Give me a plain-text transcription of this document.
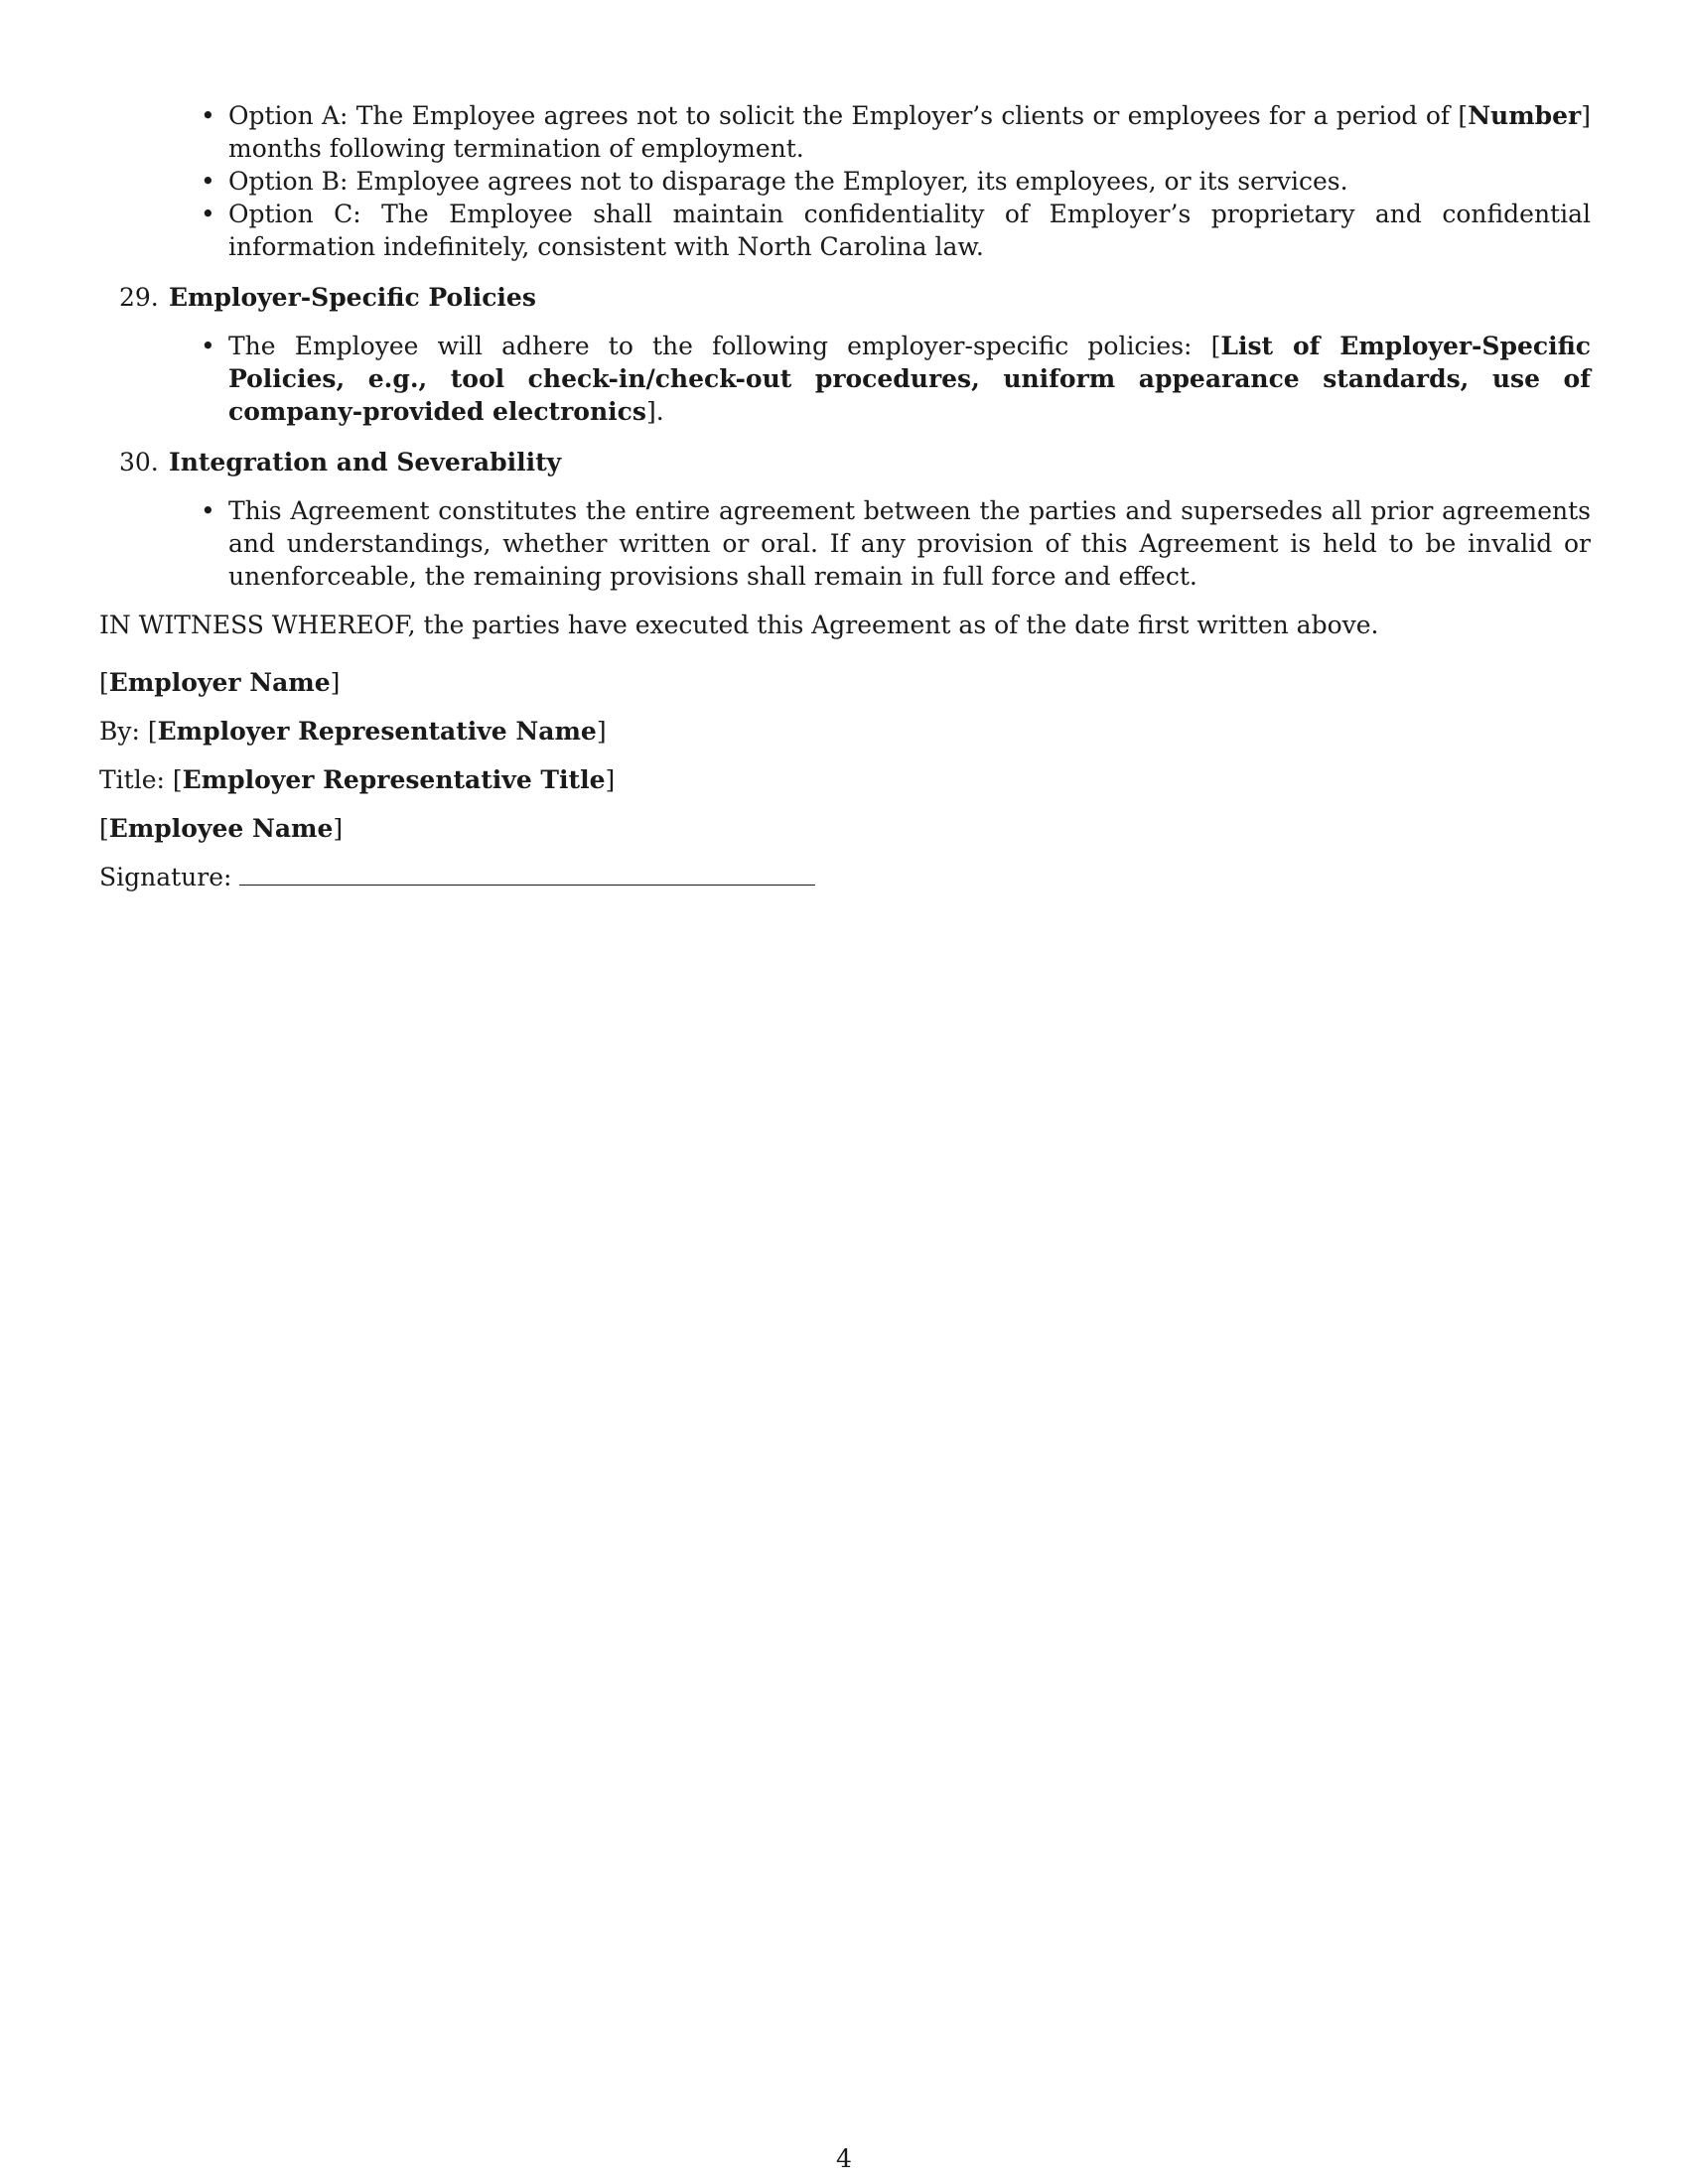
• Option A: The Employee agrees not to solicit the Employer’s clients or employees for a period of [Number] months following termination of employment.
• Option B: Employee agrees not to disparage the Employer, its employees, or its services.
• Option C: The Employee shall maintain confidentiality of Employer’s proprietary and confidential information indefinitely, consistent with North Carolina law.
29. Employer-Specific Policies
• The Employee will adhere to the following employer-specific policies: [List of Employer-Specific Policies, e.g., tool check-in/check-out procedures, uniform appearance standards, use of company-provided electronics].
30. Integration and Severability
• This Agreement constitutes the entire agreement between the parties and supersedes all prior agreements and understandings, whether written or oral. If any provision of this Agreement is held to be invalid or unenforceable, the remaining provisions shall remain in full force and effect.

IN WITNESS WHEREOF, the parties have executed this Agreement as of the date first written above.

[Employer Name]

By: [Employer Representative Name]

Title: [Employer Representative Title]

[Employee Name]

Signature:

4
